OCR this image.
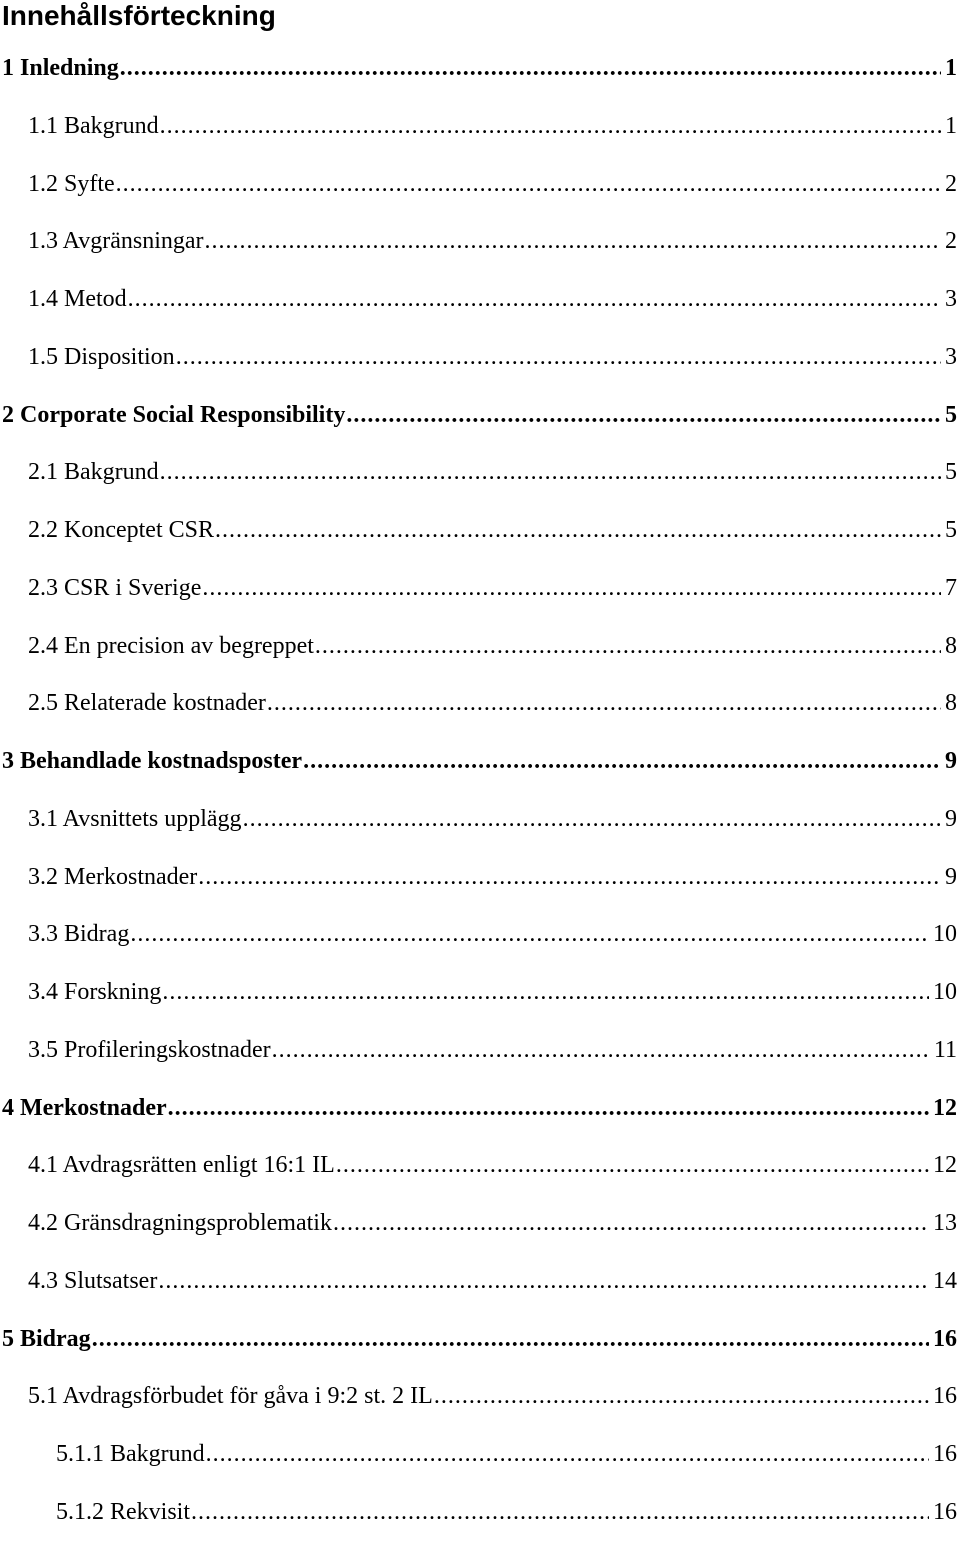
Innehållsförteckning
1 Inledning .....	1
1.1 Bakgrund .....	1
1.2 Syfte .....	2
1.3 Avgränsningar .....	2
1.4 Metod .....	3
1.5 Disposition .....	3
2 Corporate Social Responsibility .....	5
2.1 Bakgrund .....	5
2.2 Konceptet CSR .....	5
2.3 CSR i Sverige .....	7
2.4 En precision av begreppet .....	8
2.5 Relaterade kostnader .....	8
3 Behandlade kostnadsposter .....	9
3.1 Avsnittets upplägg .....	9
3.2 Merkostnader .....	9
3.3 Bidrag .....	10
3.4 Forskning .....	10
3.5 Profileringskostnader .....	11
4 Merkostnader .....	12
4.1 Avdragsrätten enligt 16:1 IL .....	12
4.2 Gränsdragningsproblematik .....	13
4.3 Slutsatser .....	14
5 Bidrag .....	16
5.1 Avdragsförbudet för gåva i 9:2 st. 2 IL .....	16
5.1.1 Bakgrund .....	16
5.1.2 Rekvisit .....	16
